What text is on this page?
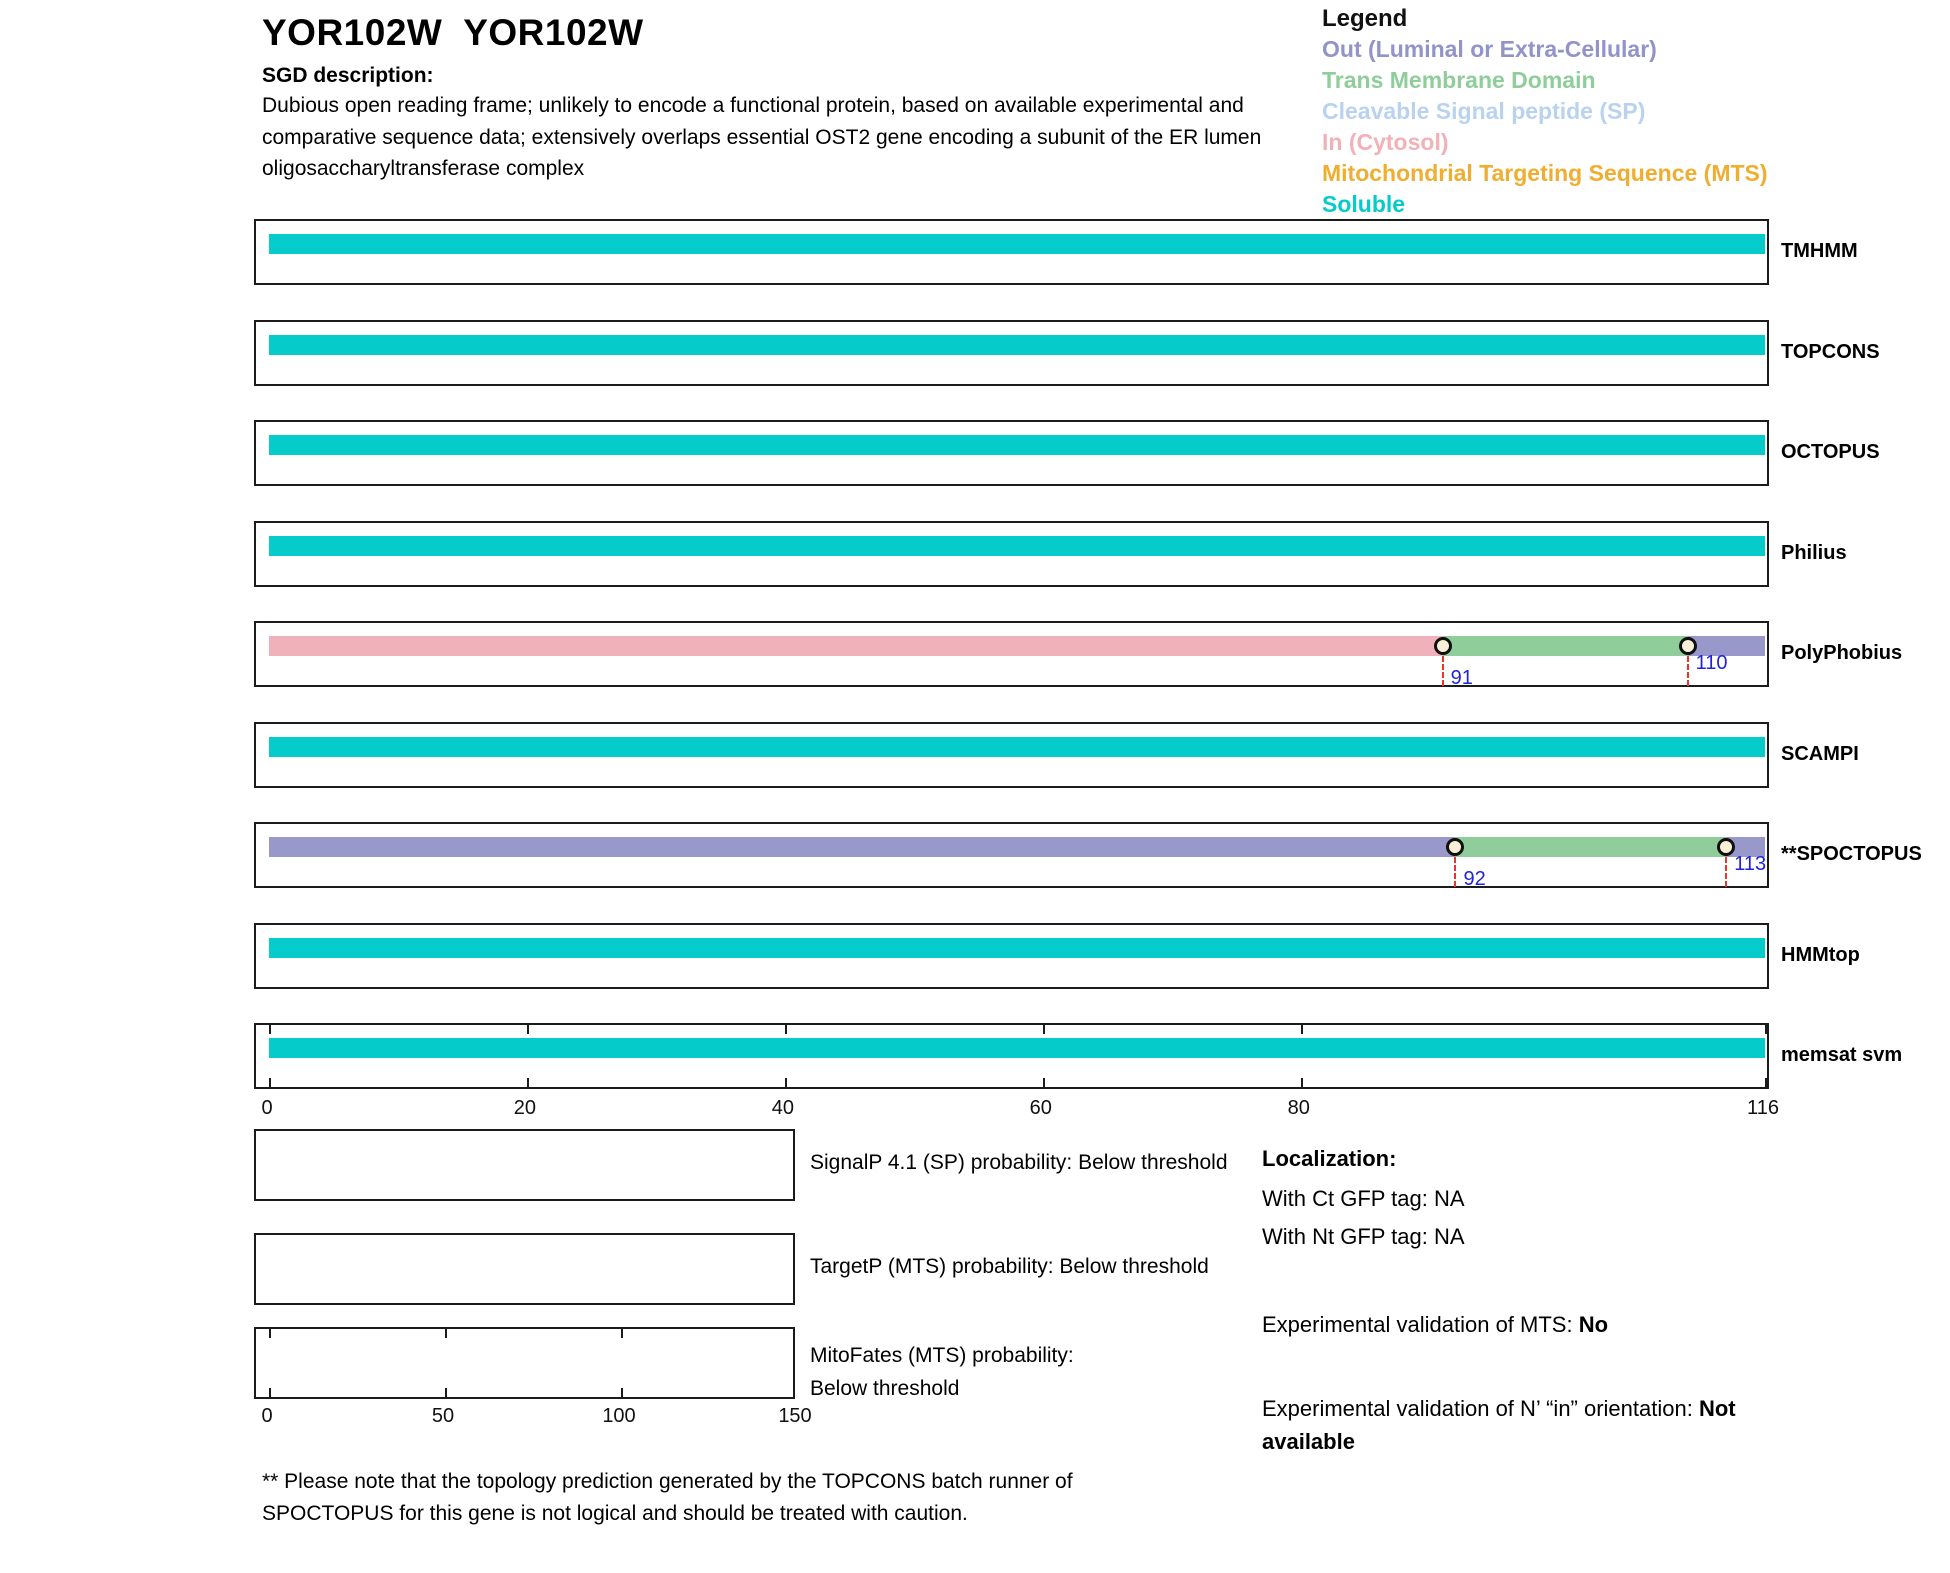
YOR102W  YOR102W
SGD description:
Dubious open reading frame; unlikely to encode a functional protein, based on available experimental and comparative sequence data; extensively overlaps essential OST2 gene encoding a subunit of the ER lumen oligosaccharyltransferase complex
Legend
Out (Luminal or Extra-Cellular)
Trans Membrane Domain
Cleavable Signal peptide (SP)
In (Cytosol)
Mitochondrial Targeting Sequence (MTS)
Soluble
Localization:
With Ct GFP tag: NA
With Nt GFP tag: NA
Experimental validation of MTS: No
Experimental validation of N’ “in” orientation: Not available
** Please note that the topology prediction generated by the TOPCONS batch runner of SPOCTOPUS for this gene is not logical and should be treated with caution.
TMHMM
TOPCONS
OCTOPUS
Philius
91
110	PolyPhobius
SCAMPI
92
113 **SPOCTOPUS
HMMtop
memsat svm
0	20	40	60	80	116
SignalP 4.1 (SP) probability: Below threshold
TargetP (MTS) probability: Below threshold
0	50	100	150
MitoFates (MTS) probability: Below threshold
